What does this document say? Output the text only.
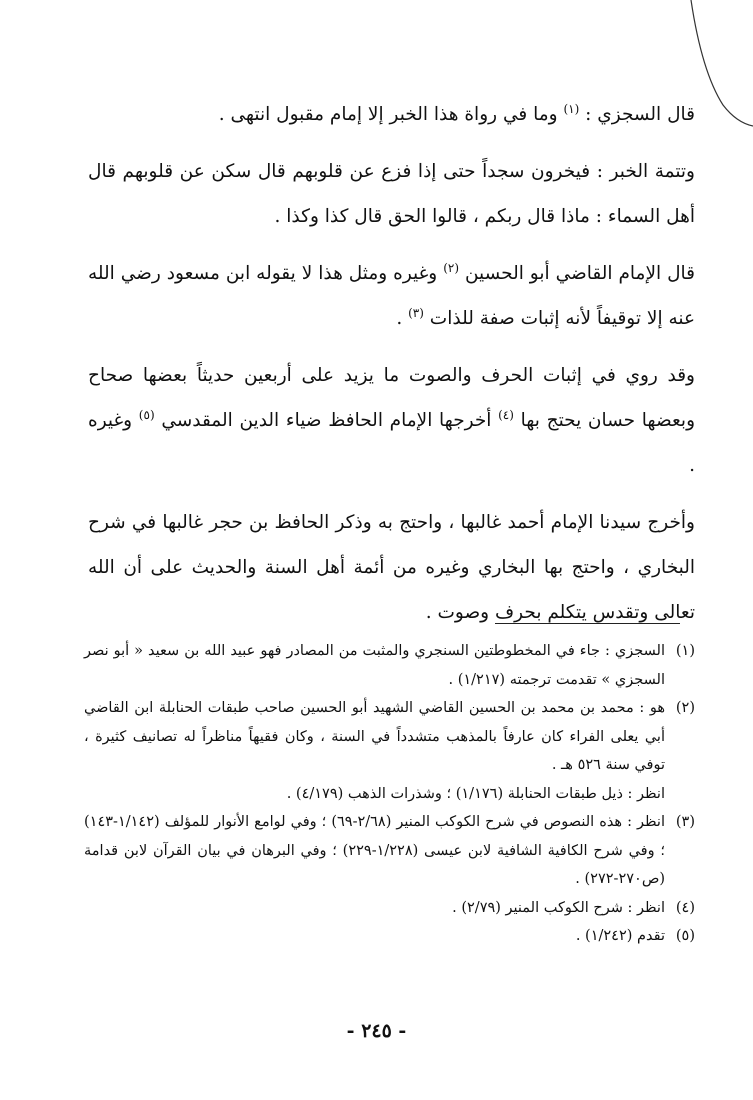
قال السجزي : $^{(١)}$ وما في رواة هذا الخبر إلا إمام مقبول انتهى .

وتتمة الخبر : فيخرون سجداً حتى إذا فزع عن قلوبهم قال سكن عن قلوبهم قال أهل السماء : ماذا قال ربكم ، قالوا الحق قال كذا وكذا .

قال الإمام القاضي أبو الحسين $^{(٢)}$ وغيره ومثل هذا لا يقوله ابن مسعود رضي الله عنه إلا توقيفاً لأنه إثبات صفة للذات $^{(٣)}$ .

وقد روي في إثبات الحرف والصوت ما يزيد على أربعين حديثاً بعضها صحاح وبعضها حسان يحتج بها $^{(٤)}$ أخرجها الإمام الحافظ ضياء الدين المقدسي $^{(٥)}$ وغيره .

وأخرج سيدنا الإمام أحمد غالبها ، واحتج به وذكر الحافظ بن حجر غالبها في شرح البخاري ، واحتج بها البخاري وغيره من أئمة أهل السنة والحديث على أن الله تعالى وتقدس يتكلم بحرف وصوت .

(١)
السجزي : جاء في المخطوطتين السنجري والمثبت من المصادر فهو عبيد الله بن سعيد « أبو نصر السجزي » تقدمت ترجمته (١/٢١٧) .
(٢)
هو : محمد بن محمد بن الحسين القاضي الشهيد أبو الحسين صاحب طبقات الحنابلة ابن القاضي أبي يعلى الفراء كان عارفاً بالمذهب متشدداً في السنة ، وكان فقيهاً مناظراً له تصانيف كثيرة ، توفي سنة ٥٢٦ هـ .
انظر : ذيل طبقات الحنابلة (١/١٧٦) ؛ وشذرات الذهب (٤/١٧٩) .
(٣)
انظر : هذه النصوص في شرح الكوكب المنير (٢/٦٨-٦٩) ؛ وفي لوامع الأنوار للمؤلف (١/١٤٢-١٤٣) ؛ وفي شرح الكافية الشافية لابن عيسى (١/٢٢٨-٢٢٩) ؛ وفي البرهان في بيان القرآن لابن قدامة (ص٢٧٠-٢٧٢) .
(٤)
انظر : شرح الكوكب المنير (٢/٧٩) .
(٥)
تقدم (١/٢٤٢) .
- ٢٤٥ -
